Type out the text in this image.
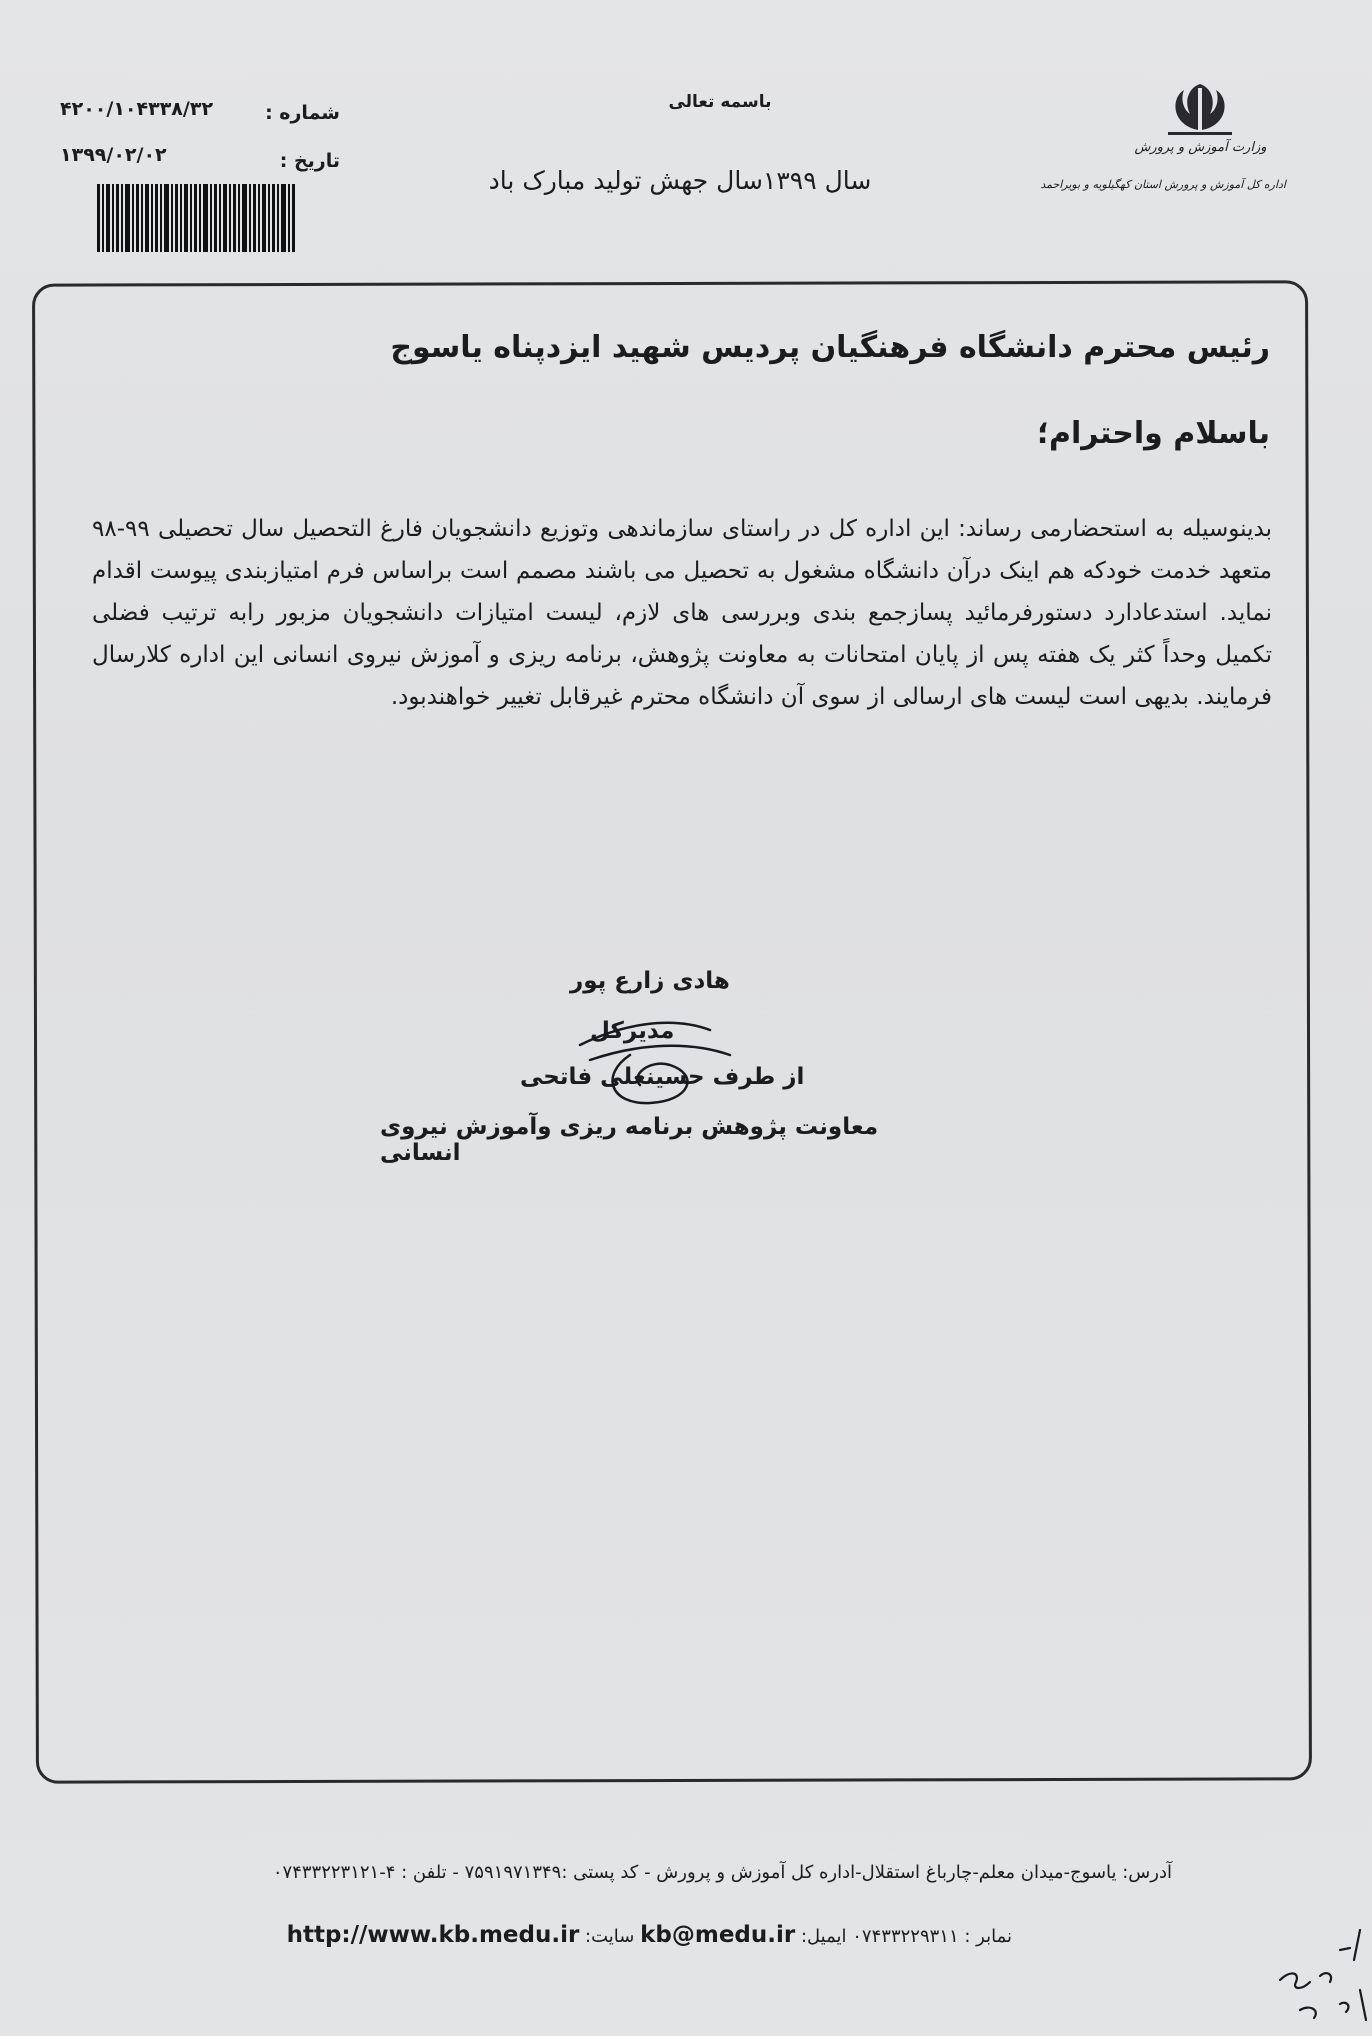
باسمه تعالی
وزارت آموزش و پرورش
اداره کل آموزش و پرورش استان کهگیلویه و بویراحمد
سال ۱۳۹۹سال جهش تولید مبارک باد
شماره :
۴۲۰۰/۱۰۴۳۳۸/۳۲
تاریخ :
۱۳۹۹/۰۲/۰۲
رئیس محترم دانشگاه فرهنگیان پردیس شهید ایزدپناه یاسوج
باسلام واحترام؛
بدینوسیله به استحضارمی رساند: این اداره کل در راستای سازماندهی وتوزیع دانشجویان فارغ التحصیل سال تحصیلی ۹۹-۹۸ متعهد خدمت خودکه هم اینک درآن دانشگاه مشغول به تحصیل می باشند مصمم است براساس فرم امتیازبندی پیوست اقدام نماید. استدعادارد دستورفرمائید پسازجمع بندی وبررسی های لازم، لیست امتیازات دانشجویان مزبور رابه ترتیب فضلی تکمیل وحداً کثر یک هفته پس از پایان امتحانات به معاونت پژوهش، برنامه ریزی و آموزش نیروی انسانی این اداره کلارسال فرمایند. بدیهی است لیست های ارسالی از سوی آن دانشگاه محترم غیرقابل تغییر خواهندبود.
هادی زارع پور
مدیرکل
از طرف حسینعلی فاتحی
معاونت پژوهش برنامه ریزی وآموزش نیروی انسانی
آدرس: یاسوج-میدان معلم-چارباغ استقلال-اداره کل آموزش و پرورش - کد پستی :۷۵۹۱۹۷۱۳۴۹ - تلفن : ۴-۰۷۴۳۳۲۲۳۱۲۱
نمابر : ۰۷۴۳۳۲۲۹۳۱۱ ایمیل: kb@medu.ir سایت: http://www.kb.medu.ir
